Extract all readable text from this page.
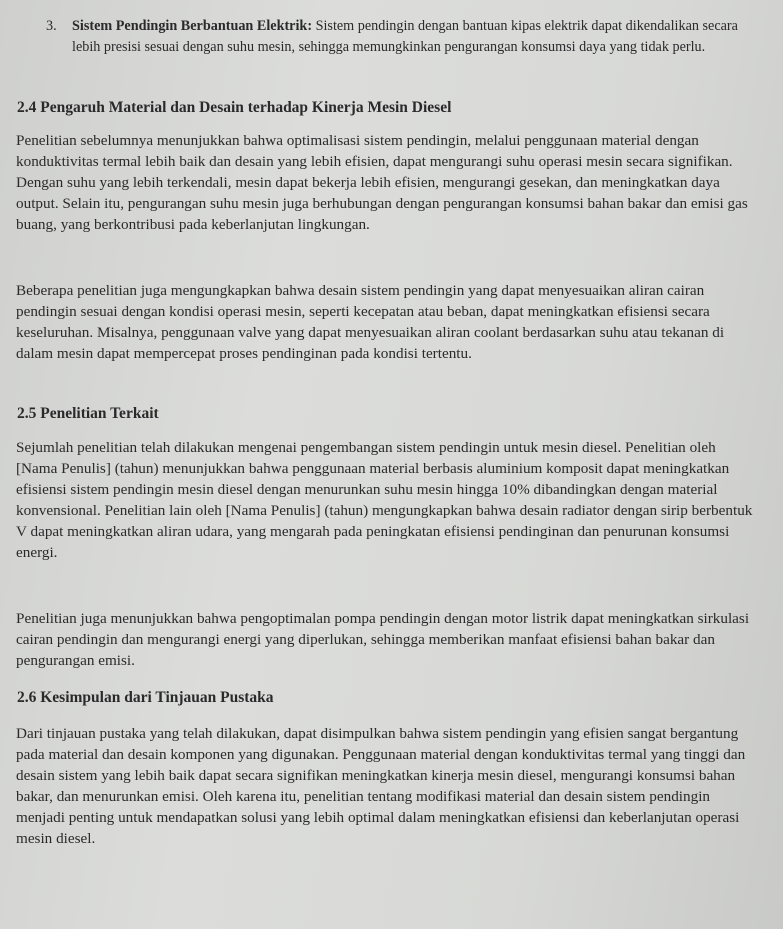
3. Sistem Pendingin Berbantuan Elektrik: Sistem pendingin dengan bantuan kipas elektrik dapat dikendalikan secara lebih presisi sesuai dengan suhu mesin, sehingga memungkinkan pengurangan konsumsi daya yang tidak perlu.
2.4 Pengaruh Material dan Desain terhadap Kinerja Mesin Diesel

Penelitian sebelumnya menunjukkan bahwa optimalisasi sistem pendingin, melalui penggunaan material dengan konduktivitas termal lebih baik dan desain yang lebih efisien, dapat mengurangi suhu operasi mesin secara signifikan. Dengan suhu yang lebih terkendali, mesin dapat bekerja lebih efisien, mengurangi gesekan, dan meningkatkan daya output. Selain itu, pengurangan suhu mesin juga berhubungan dengan pengurangan konsumsi bahan bakar dan emisi gas buang, yang berkontribusi pada keberlanjutan lingkungan.

Beberapa penelitian juga mengungkapkan bahwa desain sistem pendingin yang dapat menyesuaikan aliran cairan pendingin sesuai dengan kondisi operasi mesin, seperti kecepatan atau beban, dapat meningkatkan efisiensi secara keseluruhan. Misalnya, penggunaan valve yang dapat menyesuaikan aliran coolant berdasarkan suhu atau tekanan di dalam mesin dapat mempercepat proses pendinginan pada kondisi tertentu.

2.5 Penelitian Terkait

Sejumlah penelitian telah dilakukan mengenai pengembangan sistem pendingin untuk mesin diesel. Penelitian oleh [Nama Penulis] (tahun) menunjukkan bahwa penggunaan material berbasis aluminium komposit dapat meningkatkan efisiensi sistem pendingin mesin diesel dengan menurunkan suhu mesin hingga 10% dibandingkan dengan material konvensional. Penelitian lain oleh [Nama Penulis] (tahun) mengungkapkan bahwa desain radiator dengan sirip berbentuk V dapat meningkatkan aliran udara, yang mengarah pada peningkatan efisiensi pendinginan dan penurunan konsumsi energi.

Penelitian juga menunjukkan bahwa pengoptimalan pompa pendingin dengan motor listrik dapat meningkatkan sirkulasi cairan pendingin dan mengurangi energi yang diperlukan, sehingga memberikan manfaat efisiensi bahan bakar dan pengurangan emisi.

2.6 Kesimpulan dari Tinjauan Pustaka

Dari tinjauan pustaka yang telah dilakukan, dapat disimpulkan bahwa sistem pendingin yang efisien sangat bergantung pada material dan desain komponen yang digunakan. Penggunaan material dengan konduktivitas termal yang tinggi dan desain sistem yang lebih baik dapat secara signifikan meningkatkan kinerja mesin diesel, mengurangi konsumsi bahan bakar, dan menurunkan emisi. Oleh karena itu, penelitian tentang modifikasi material dan desain sistem pendingin menjadi penting untuk mendapatkan solusi yang lebih optimal dalam meningkatkan efisiensi dan keberlanjutan operasi mesin diesel.
